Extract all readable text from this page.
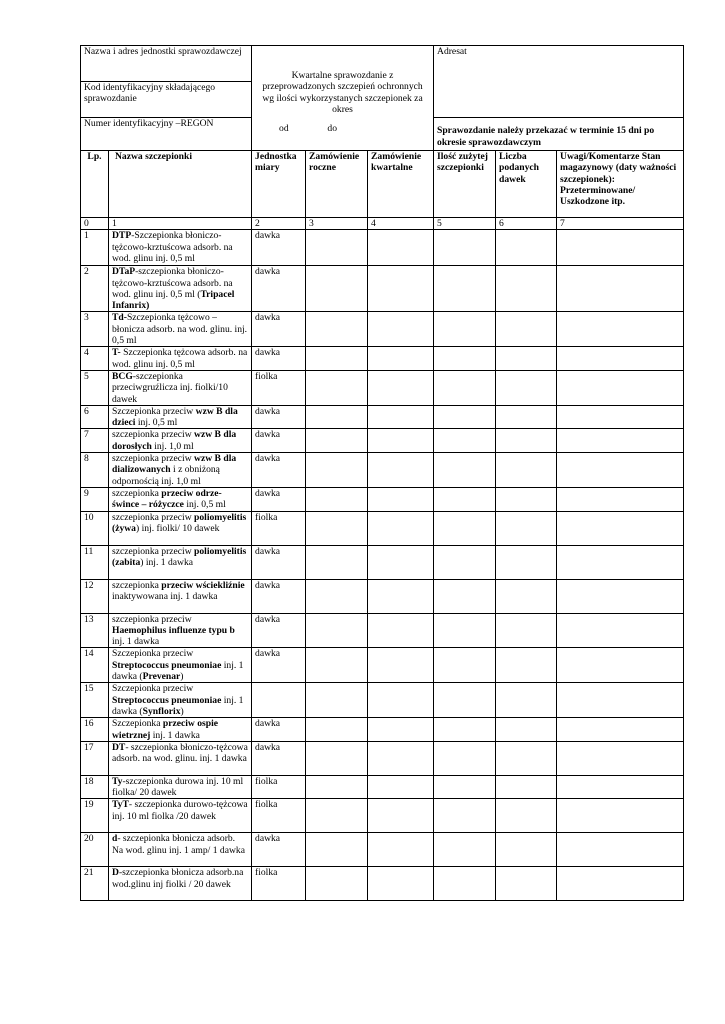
Nazwa i adres jednostki sprawozdawczej		Kwartalne sprawozdanie z przeprowadzonych szczepień ochronnych wg ilości wykorzystanych szczepionek za okres
od do			Adresat		
Kod identyfikacyjny składającego sprawozdanie							
Numer identyfikacyjny –REGON					Sprawozdanie należy przekazać w terminie 15 dni po okresie sprawozdawczym		
Lp.	Nazwa szczepionki	Jednostka miary	Zamówienie roczne	Zamówienie kwartalne	Ilość zużytej szczepionki	Liczba podanych dawek	Uwagi/Komentarze Stan magazynowy (daty ważności szczepionek): Przeterminowane/ Uszkodzone itp.
0	1	2	3	4	5	6	7
1	DTP-Szczepionka błoniczo-tężcowo-krztuścowa adsorb. na wod. glinu inj. 0,5 ml	dawka					
2	DTaP-szczepionka błoniczo-tężcowo-krztuścowa adsorb. na wod. glinu inj. 0,5 ml (Tripacel Infanrix)	dawka					
3	Td-Szczepionka tężcowo – błonicza adsorb. na wod. glinu. inj. 0,5 ml	dawka					
4	T- Szczepionka tężcowa adsorb. na wod. glinu inj. 0,5 ml	dawka					
5	BCG-szczepionka przeciwgruźlicza inj. fiolki/10 dawek	fiolka					
6	Szczepionka przeciw wzw B dla dzieci inj. 0,5 ml	dawka					
7	szczepionka przeciw wzw B dla dorosłych inj. 1,0 ml	dawka					
8	szczepionka przeciw wzw B dla dializowanych i z obniżoną odpornością inj. 1,0 ml	dawka					
9	szczepionka przeciw odrze-śwince – różyczce inj. 0,5 ml	dawka					
10	szczepionka przeciw poliomyelitis (żywa) inj. fiolki/ 10 dawek	fiolka					
11	szczepionka przeciw poliomyelitis (zabita) inj. 1 dawka	dawka					
12	szczepionka przeciw wściekliźnie inaktywowana inj. 1 dawka	dawka					
13	szczepionka przeciw Haemophilus influenze typu b inj. 1 dawka	dawka					
14	Szczepionka przeciw Streptococcus pneumoniae inj. 1 dawka (Prevenar)	dawka					
15	Szczepionka przeciw Streptococcus pneumoniae inj. 1 dawka (Synflorix)						
16	Szczepionka przeciw ospie wietrznej inj. 1 dawka	dawka					
17	DT- szczepionka błoniczo-tężcowa adsorb. na wod. glinu. inj. 1 dawka	dawka					
18	Ty-szczepionka durowa inj. 10 ml fiolka/ 20 dawek	fiolka					
19	TyT- szczepionka durowo-tężcowa inj. 10 ml fiolka /20 dawek	fiolka					
20	d- szczepionka błonicza adsorb. Na wod. glinu inj. 1 amp/ 1 dawka	dawka					
21	D-szczepionka błonicza adsorb.na wod.glinu inj fiolki / 20 dawek	fiolka					
